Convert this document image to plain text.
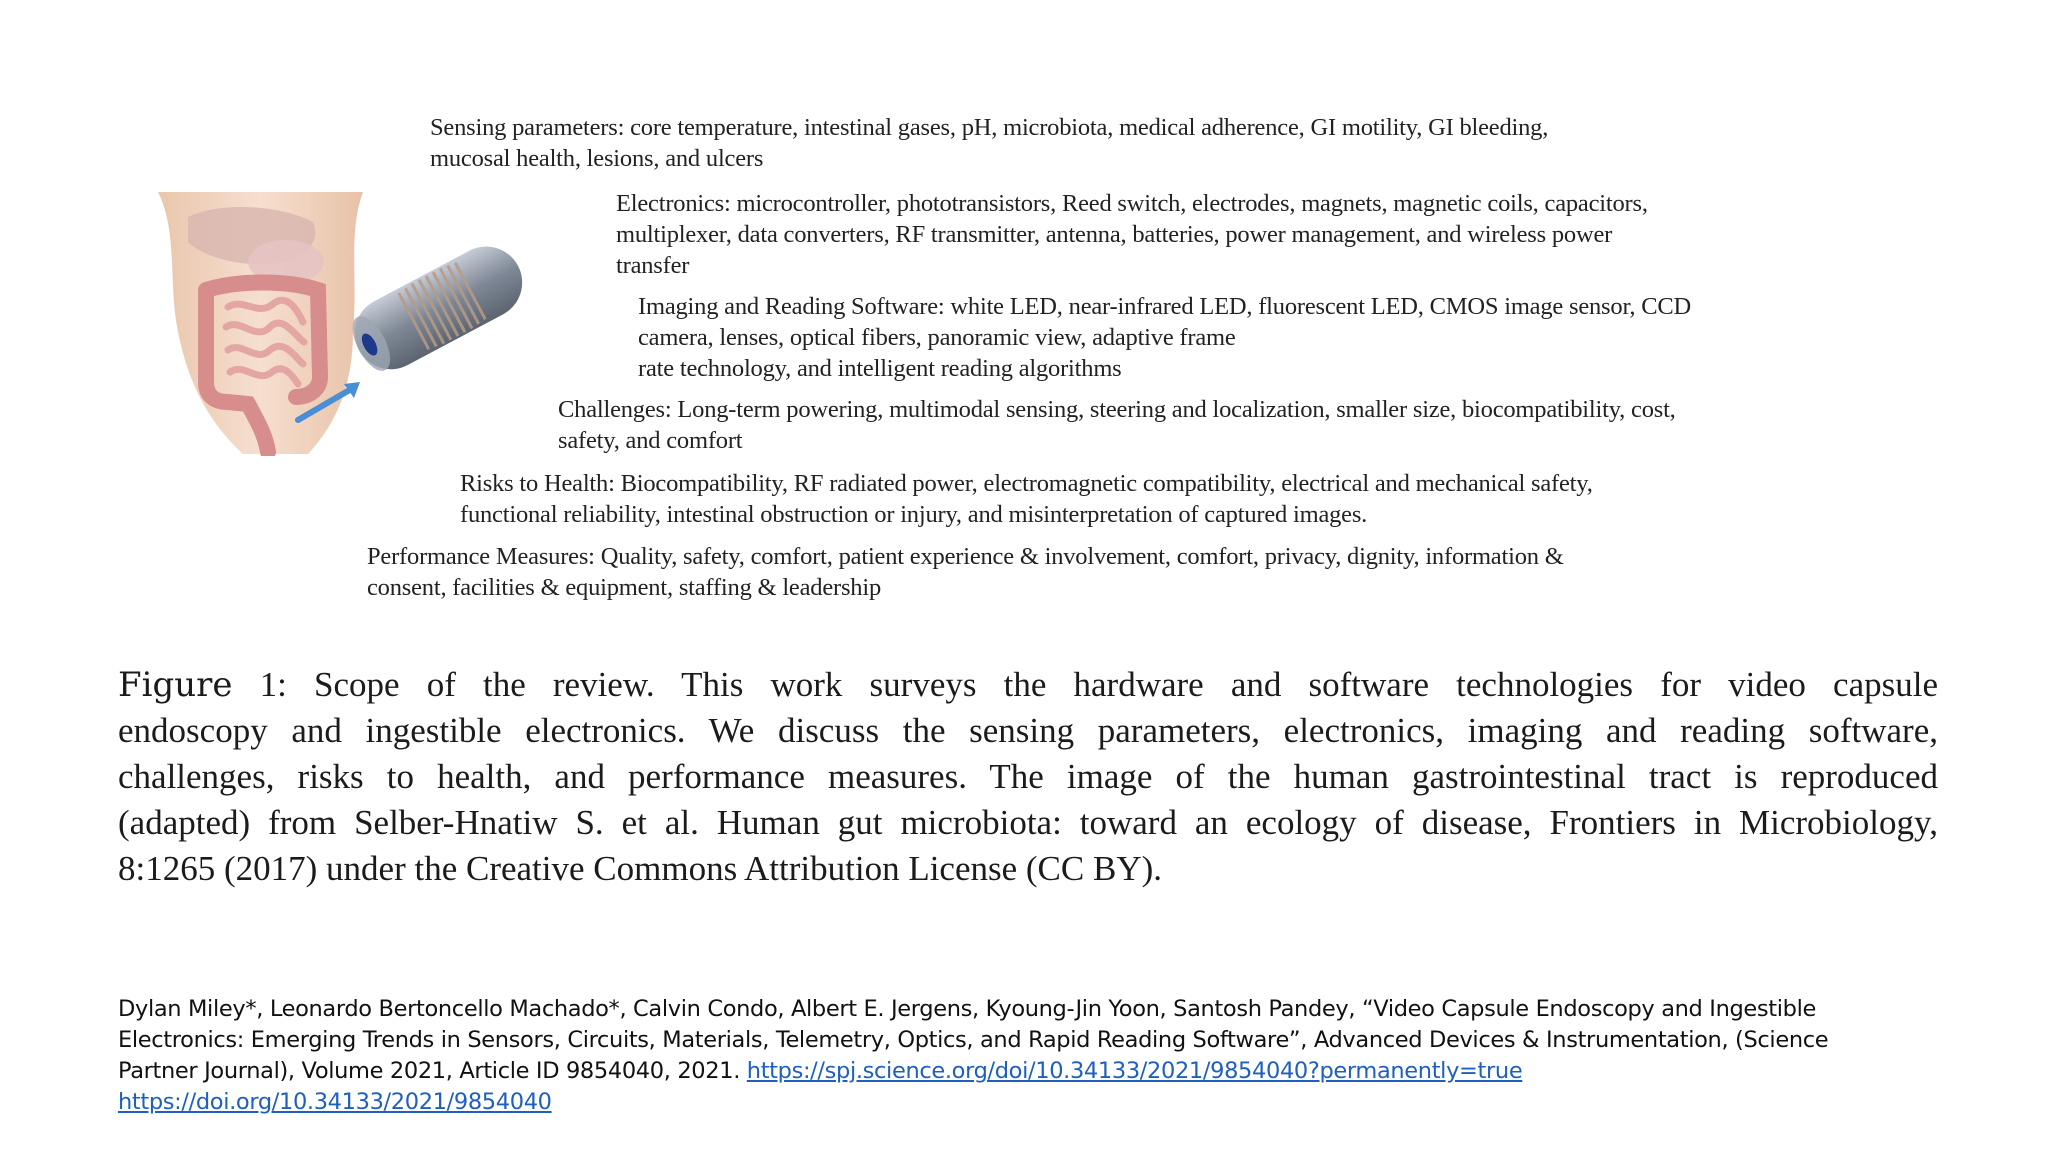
Sensing parameters: core temperature, intestinal gases, pH, microbiota, medical adherence, GI motility, GI bleeding,
mucosal health, lesions, and ulcers
Electronics: microcontroller, phototransistors, Reed switch, electrodes, magnets, magnetic coils, capacitors,
multiplexer, data converters, RF transmitter, antenna, batteries, power management, and wireless power
transfer
Imaging and Reading Software: white LED, near-infrared LED, fluorescent LED, CMOS image sensor, CCD
camera, lenses, optical fibers, panoramic view, adaptive frame
rate technology, and intelligent reading algorithms
Challenges: Long-term powering, multimodal sensing, steering and localization, smaller size, biocompatibility, cost,
safety, and comfort
Risks to Health: Biocompatibility, RF radiated power, electromagnetic compatibility, electrical and mechanical safety,
functional reliability, intestinal obstruction or injury, and misinterpretation of captured images.
Performance Measures: Quality, safety, comfort, patient experience & involvement, comfort, privacy, dignity, information &
consent, facilities & equipment, staffing & leadership
Figure 1: Scope of the review. This work surveys the hardware and software technologies for video capsule
endoscopy and ingestible electronics. We discuss the sensing parameters, electronics, imaging and reading software,
challenges, risks to health, and performance measures. The image of the human gastrointestinal tract is reproduced
(adapted) from Selber-Hnatiw S. et al. Human gut microbiota: toward an ecology of disease, Frontiers in Microbiology,
8:1265 (2017) under the Creative Commons Attribution License (CC BY).
Dylan Miley*, Leonardo Bertoncello Machado*, Calvin Condo, Albert E. Jergens, Kyoung-Jin Yoon, Santosh Pandey, “Video Capsule Endoscopy and Ingestible
Electronics: Emerging Trends in Sensors, Circuits, Materials, Telemetry, Optics, and Rapid Reading Software”, Advanced Devices & Instrumentation, (Science
Partner Journal), Volume 2021, Article ID 9854040, 2021. https://spj.science.org/doi/10.34133/2021/9854040?permanently=true
https://doi.org/10.34133/2021/9854040
